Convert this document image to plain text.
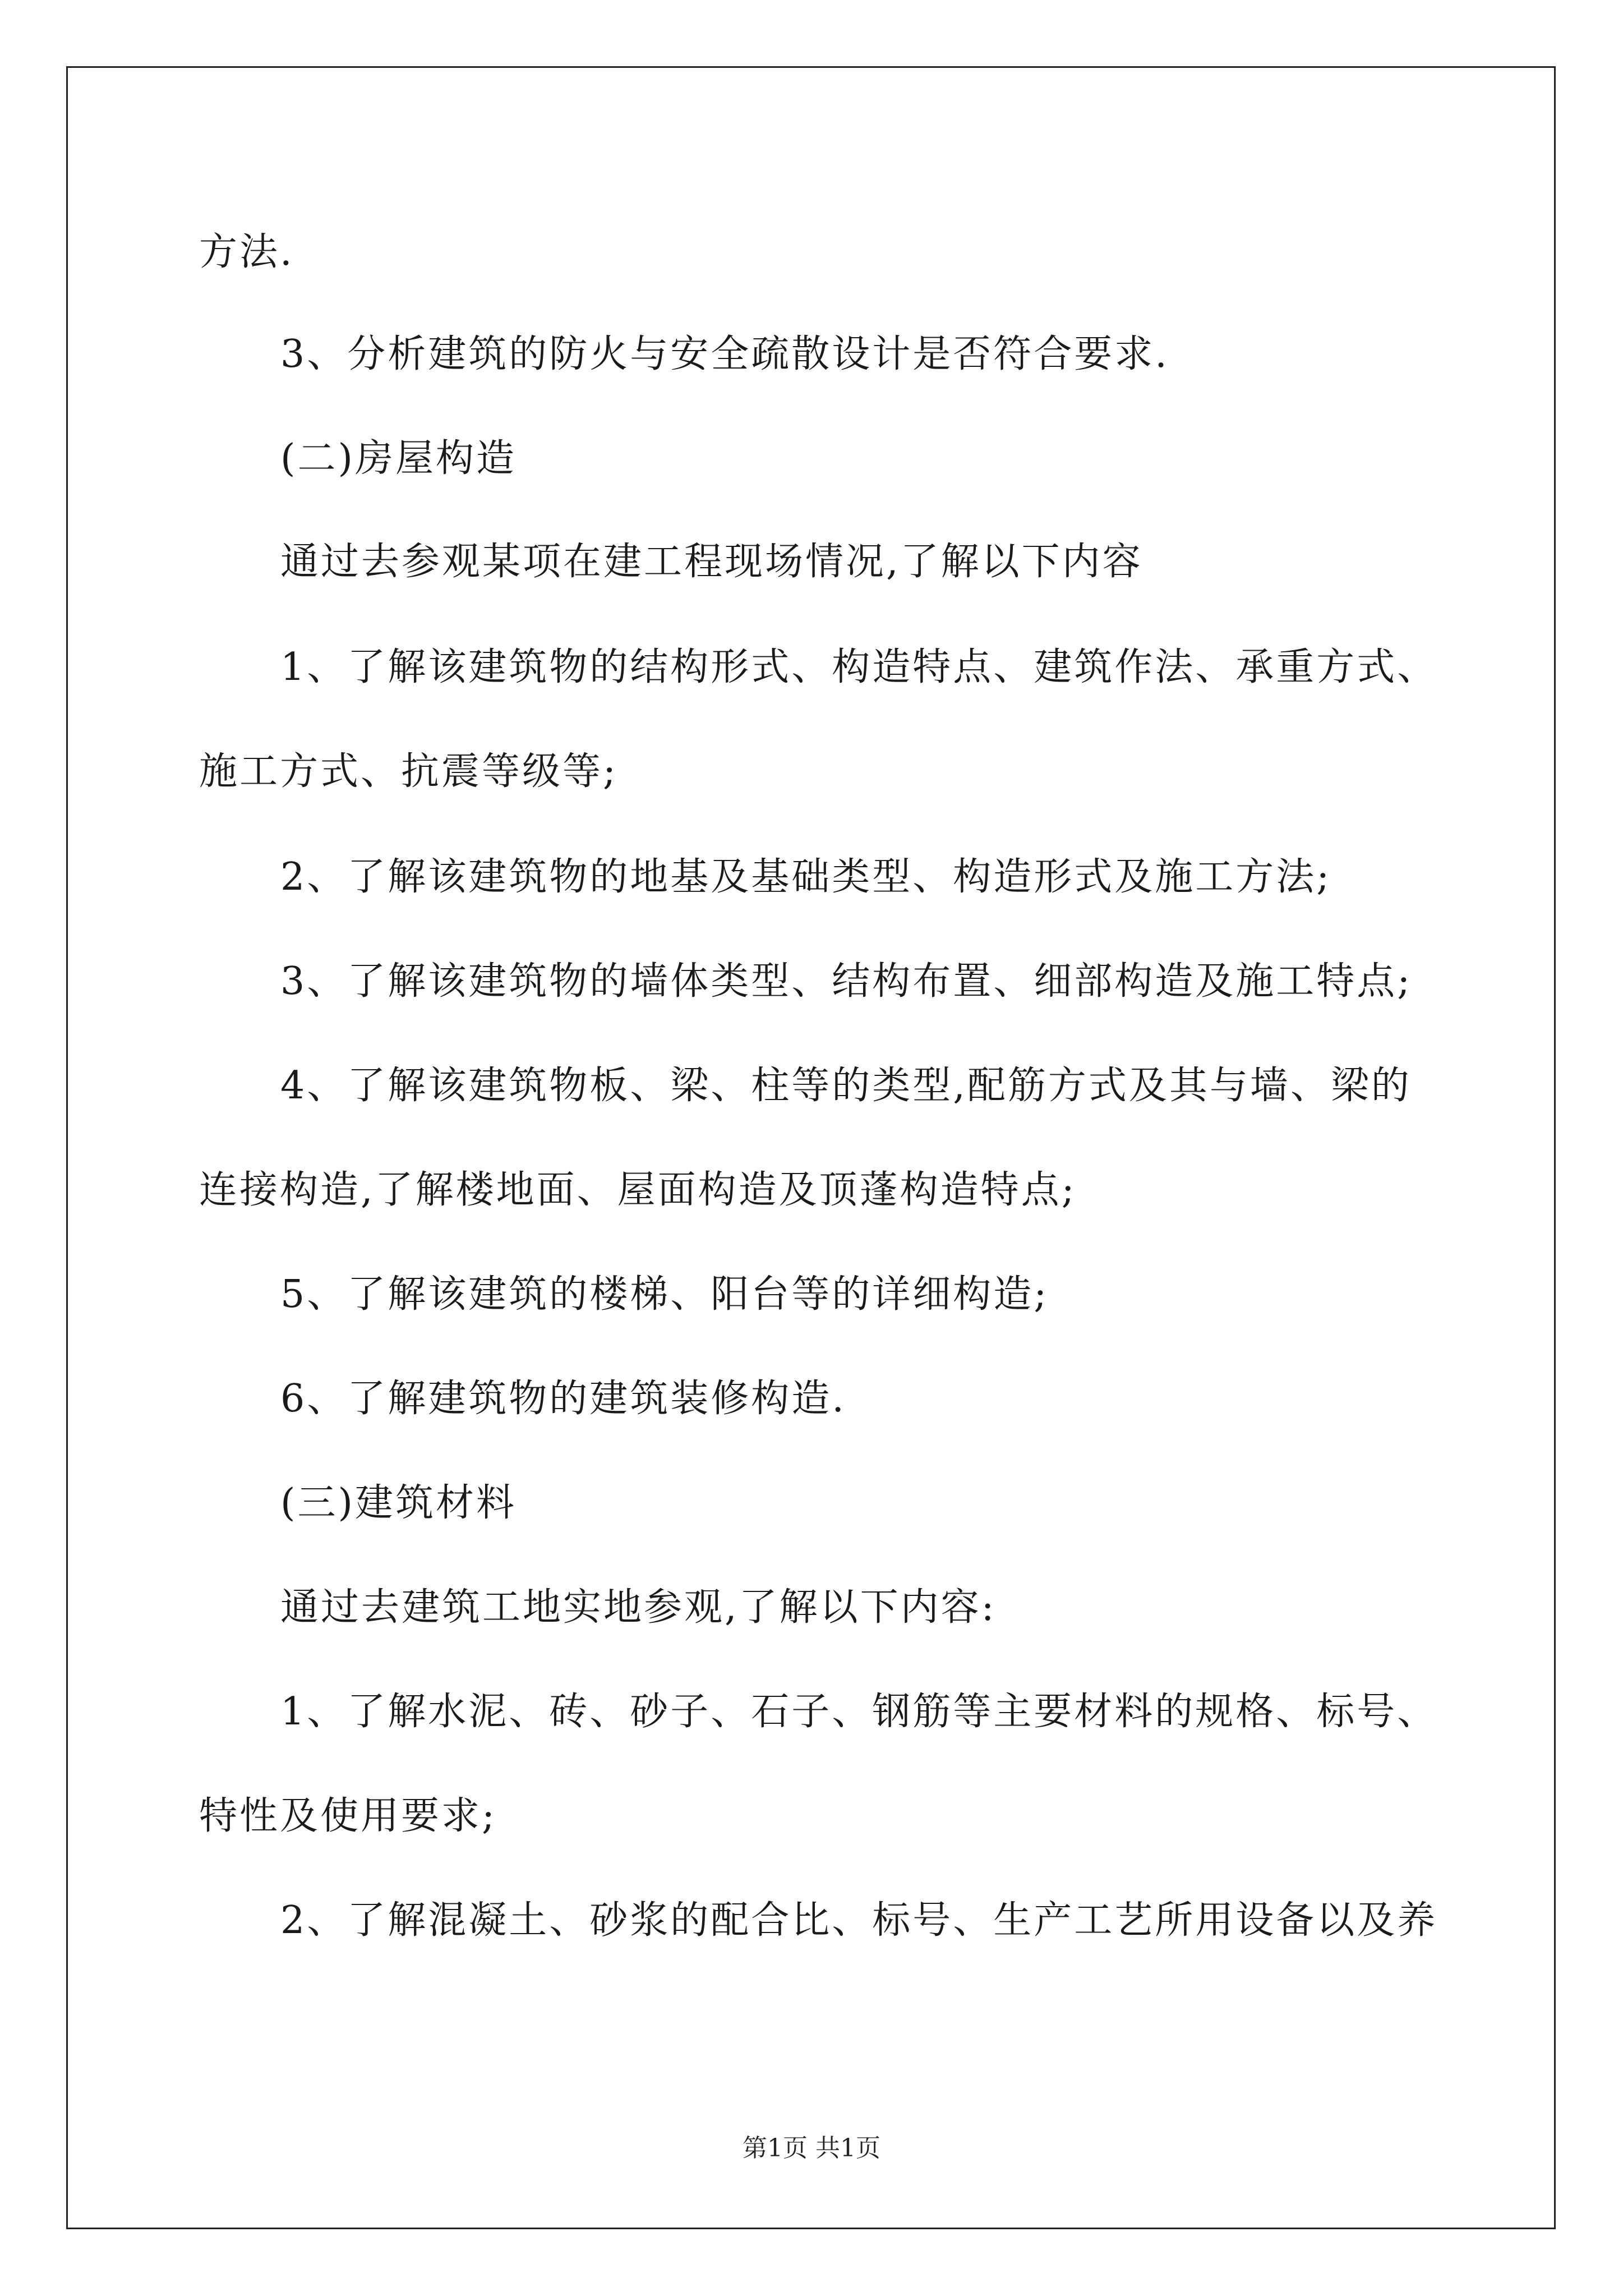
方法.
3、分析建筑的防火与安全疏散设计是否符合要求.
(二)房屋构造
通过去参观某项在建工程现场情况,了解以下内容
1、了解该建筑物的结构形式、构造特点、建筑作法、承重方式、
施工方式、抗震等级等;
2、了解该建筑物的地基及基础类型、构造形式及施工方法;
3、了解该建筑物的墙体类型、结构布置、细部构造及施工特点;
4、了解该建筑物板、梁、柱等的类型,配筋方式及其与墙、梁的
连接构造,了解楼地面、屋面构造及顶蓬构造特点;
5、了解该建筑的楼梯、阳台等的详细构造;
6、了解建筑物的建筑装修构造.
(三)建筑材料
通过去建筑工地实地参观,了解以下内容:
1、了解水泥、砖、砂子、石子、钢筋等主要材料的规格、标号、
特性及使用要求;
2、了解混凝土、砂浆的配合比、标号、生产工艺所用设备以及养
第1页 共1页
